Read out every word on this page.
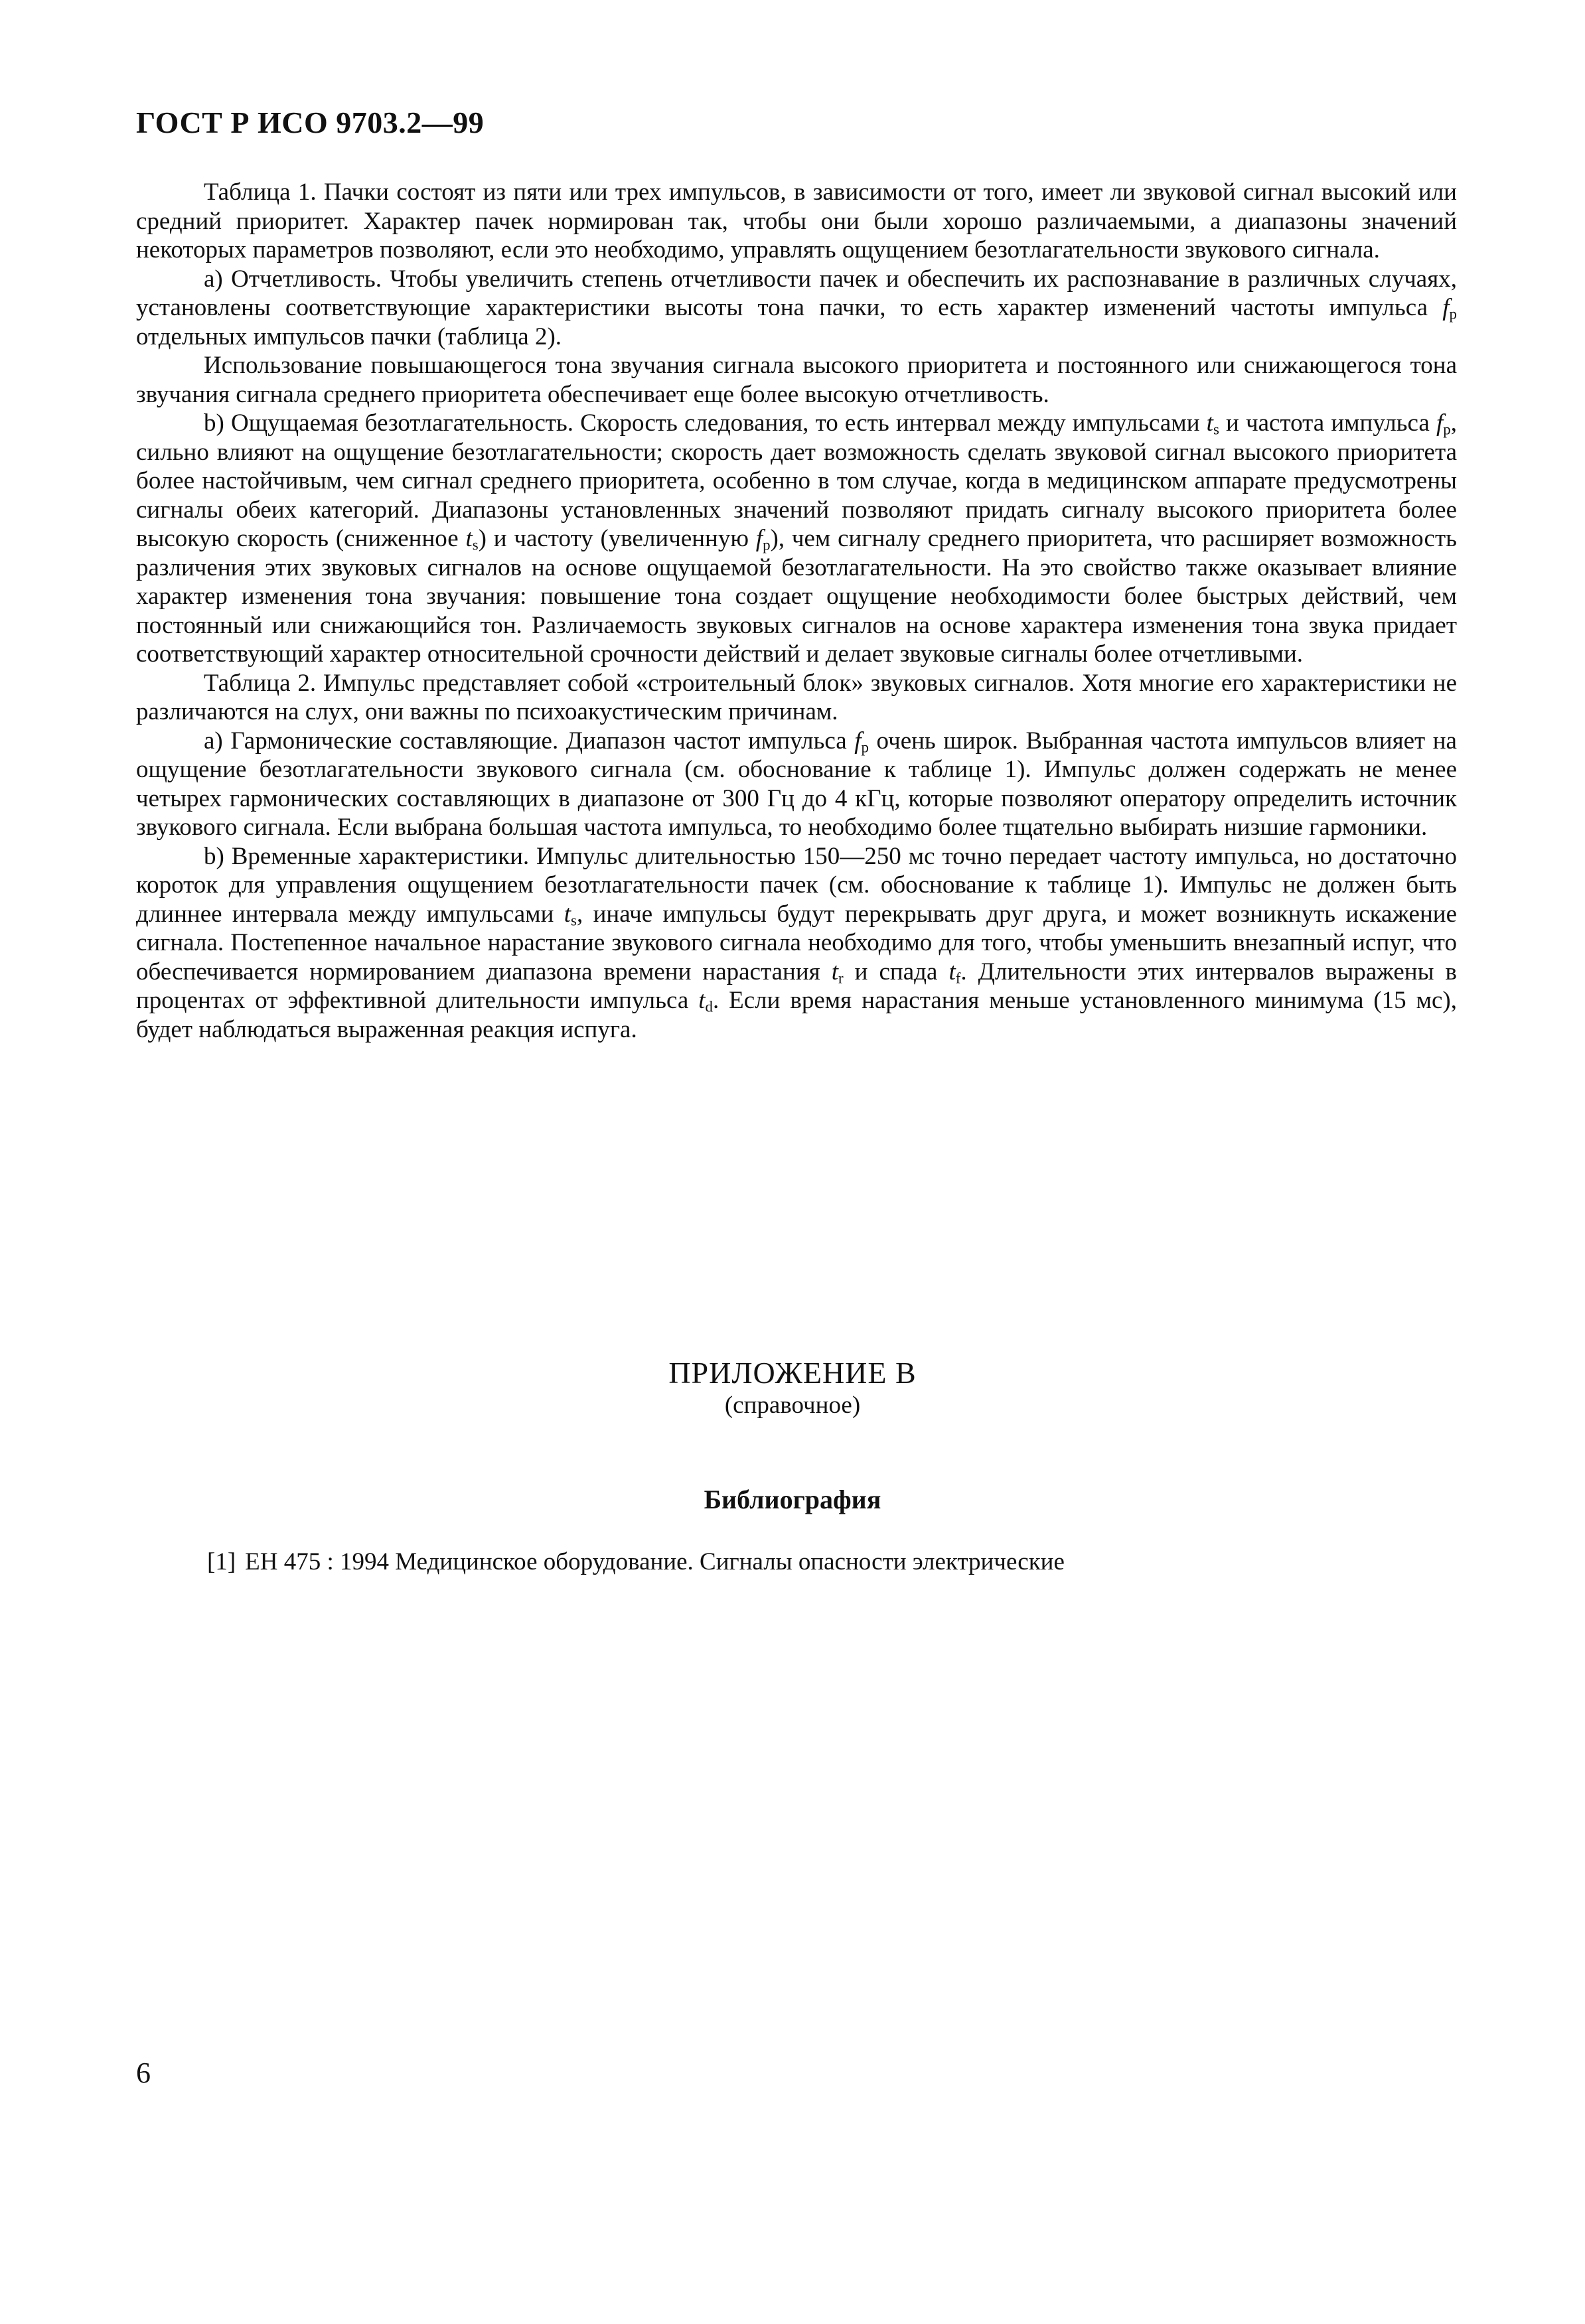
ГОСТ Р ИСО 9703.2—99

Таблица 1. Пачки состоят из пяти или трех импульсов, в зависимости от того, имеет ли звуковой сигнал высокий или средний приоритет. Характер пачек нормирован так, чтобы они были хорошо различаемыми, а диапазоны значений некоторых параметров позволяют, если это необходимо, управлять ощущением безотлагательности звукового сигнала.

a) Отчетливость. Чтобы увеличить степень отчетливости пачек и обеспечить их распознавание в различных случаях, установлены соответствующие характеристики высоты тона пачки, то есть характер изменений частоты импульса $f_p$ отдельных импульсов пачки (таблица 2).

Использование повышающегося тона звучания сигнала высокого приоритета и постоянного или снижающегося тона звучания сигнала среднего приоритета обеспечивает еще более высокую отчетливость.

b) Ощущаемая безотлагательность. Скорость следования, то есть интервал между импульсами $t_s$ и частота импульса $f_p$, сильно влияют на ощущение безотлагательности; скорость дает возможность сделать звуковой сигнал высокого приоритета более настойчивым, чем сигнал среднего приоритета, особенно в том случае, когда в медицинском аппарате предусмотрены сигналы обеих категорий. Диапазоны установленных значений позволяют придать сигналу высокого приоритета более высокую скорость (сниженное $t_s$) и частоту (увеличенную $f_p$), чем сигналу среднего приоритета, что расширяет возможность различения этих звуковых сигналов на основе ощущаемой безотлагательности. На это свойство также оказывает влияние характер изменения тона звучания: повышение тона создает ощущение необходимости более быстрых действий, чем постоянный или снижающийся тон. Различаемость звуковых сигналов на основе характера изменения тона звука придает соответствующий характер относительной срочности действий и делает звуковые сигналы более отчетливыми.

Таблица 2. Импульс представляет собой «строительный блок» звуковых сигналов. Хотя многие его характеристики не различаются на слух, они важны по психоакустическим причинам.

a) Гармонические составляющие. Диапазон частот импульса $f_p$ очень широк. Выбранная частота импульсов влияет на ощущение безотлагательности звукового сигнала (см. обоснование к таблице 1). Импульс должен содержать не менее четырех гармонических составляющих в диапазоне от 300 Гц до 4 кГц, которые позволяют оператору определить источник звукового сигнала. Если выбрана большая частота импульса, то необходимо более тщательно выбирать низшие гармоники.

b) Временные характеристики. Импульс длительностью 150—250 мс точно передает частоту импульса, но достаточно короток для управления ощущением безотлагательности пачек (см. обоснование к таблице 1). Импульс не должен быть длиннее интервала между импульсами $t_s$, иначе импульсы будут перекрывать друг друга, и может возникнуть искажение сигнала. Постепенное начальное нарастание звукового сигнала необходимо для того, чтобы уменьшить внезапный испуг, что обеспечивается нормированием диапазона времени нарастания $t_r$ и спада $t_f$. Длительности этих интервалов выражены в процентах от эффективной длительности импульса $t_d$. Если время нарастания меньше установленного минимума (15 мс), будет наблюдаться выраженная реакция испуга.

ПРИЛОЖЕНИЕ В
(справочное)
Библиография
[1] ЕН 475 : 1994 Медицинское оборудование. Сигналы опасности электрические
6
